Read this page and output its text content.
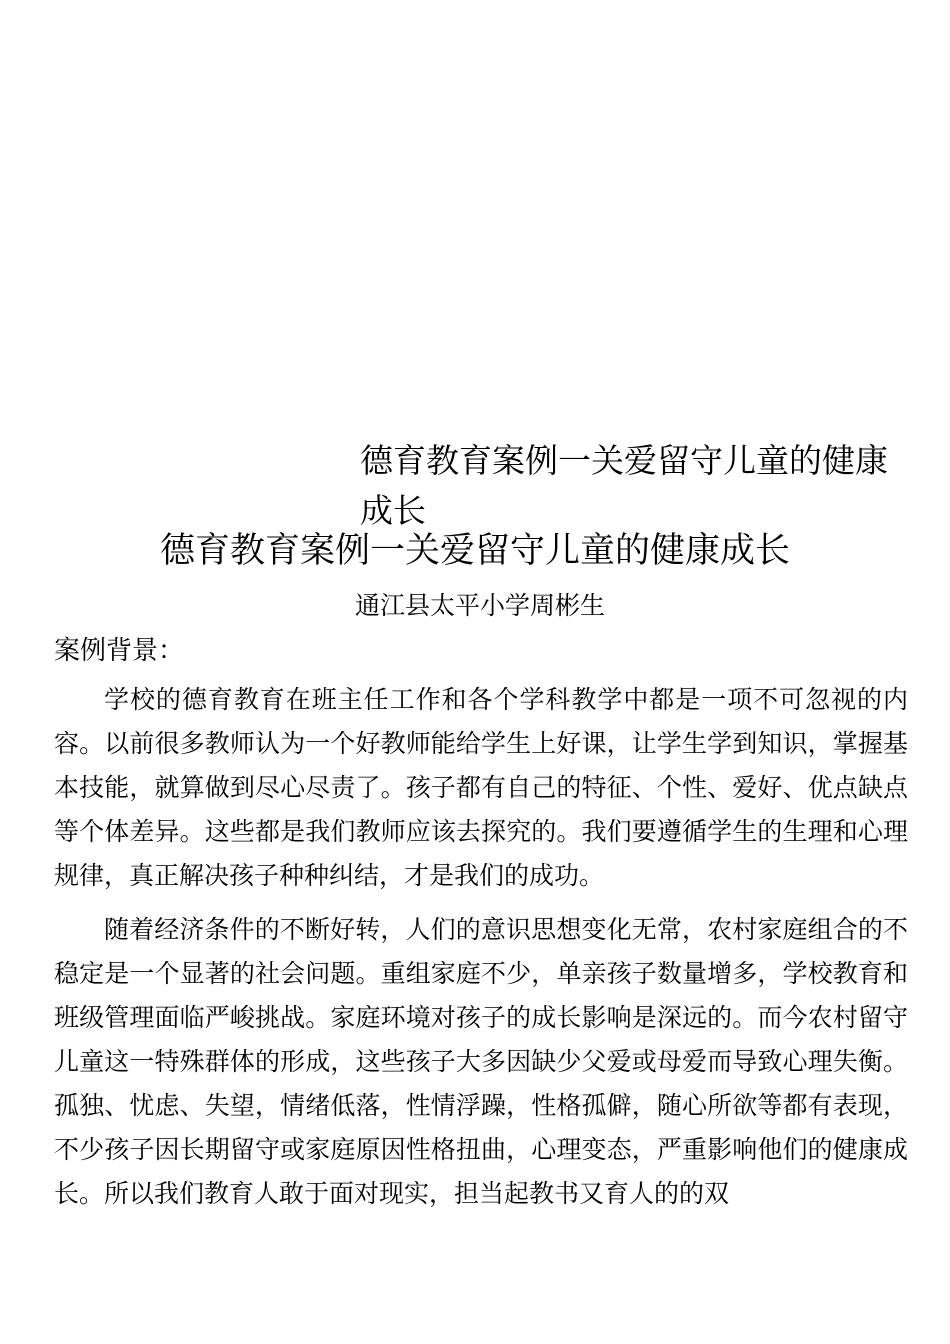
德育教育案例一关爱留守儿童的健康成长
德育教育案例一关爱留守儿童的健康成长

通江县太平小学周彬生

案例背景：

学校的德育教育在班主任工作和各个学科教学中都是一项不可忽视的内容。以前很多教师认为一个好教师能给学生上好课，让学生学到知识，掌握基本技能，就算做到尽心尽责了。孩子都有自己的特征、个性、爱好、优点缺点等个体差异。这些都是我们教师应该去探究的。我们要遵循学生的生理和心理规律，真正解决孩子种种纠结，才是我们的成功。

随着经济条件的不断好转，人们的意识思想变化无常，农村家庭组合的不稳定是一个显著的社会问题。重组家庭不少，单亲孩子数量增多，学校教育和班级管理面临严峻挑战。家庭环境对孩子的成长影响是深远的。而今农村留守儿童这一特殊群体的形成，这些孩子大多因缺少父爱或母爱而导致心理失衡。孤独、忧虑、失望，情绪低落，性情浮躁，性格孤僻，随心所欲等都有表现，不少孩子因长期留守或家庭原因性格扭曲，心理变态，严重影响他们的健康成长。所以我们教育人敢于面对现实，担当起教书又育人的的双
